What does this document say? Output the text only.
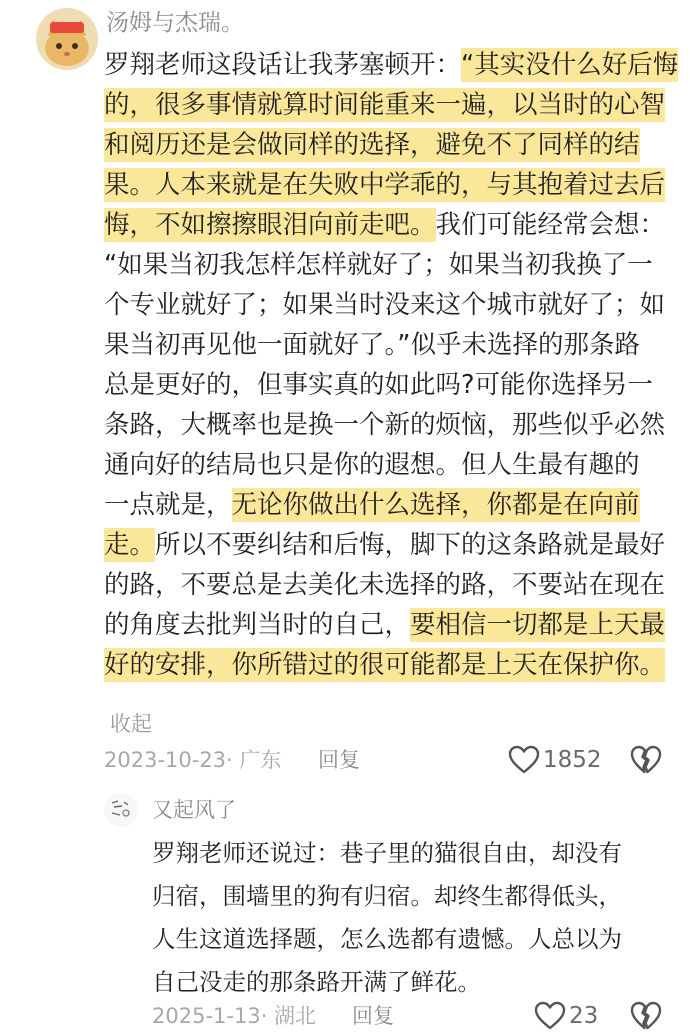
汤姆与杰瑞。
罗翔老师这段话让我茅塞顿开：“其实没什么好后悔
的，很多事情就算时间能重来一遍，以当时的心智
和阅历还是会做同样的选择，避免不了同样的结
果。人本来就是在失败中学乖的，与其抱着过去后
悔，不如擦擦眼泪向前走吧。我们可能经常会想：
“如果当初我怎样怎样就好了；如果当初我换了一
个专业就好了；如果当时没来这个城市就好了；如
果当初再见他一面就好了。”似乎未选择的那条路
总是更好的，但事实真的如此吗?可能你选择另一
条路，大概率也是换一个新的烦恼，那些似乎必然
通向好的结局也只是你的遐想。但人生最有趣的
一点就是，无论你做出什么选择，你都是在向前
走。所以不要纠结和后悔，脚下的这条路就是最好
的路，不要总是去美化未选择的路，不要站在现在
的角度去批判当时的自己，要相信一切都是上天最
好的安排，你所错过的很可能都是上天在保护你。
收起
2023-10-23· 广东 回复	1852
又起风了
罗翔老师还说过：巷子里的猫很自由，却没有
归宿，围墙里的狗有归宿。却终生都得低头，
人生这道选择题，怎么选都有遗憾。人总以为
自己没走的那条路开满了鲜花。
2025-1-13· 湖北 回复	23
